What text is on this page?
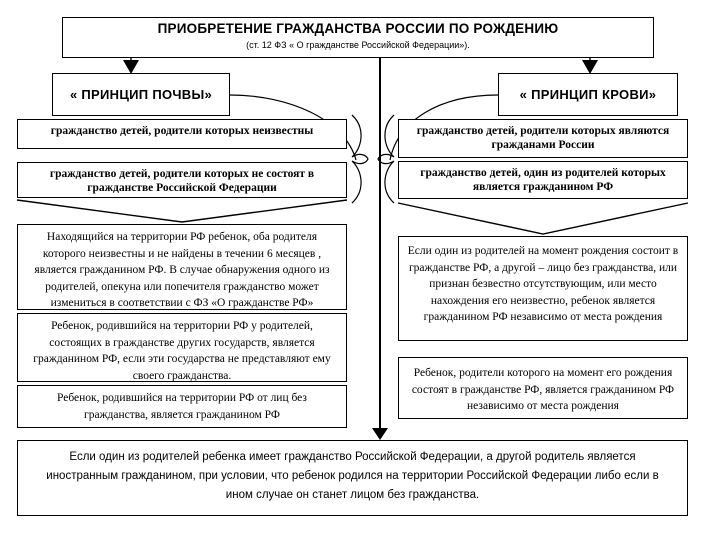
ПРИОБРЕТЕНИЕ ГРАЖДАНСТВА РОССИИ ПО РОЖДЕНИЮ
(ст. 12 ФЗ « О гражданстве Российской Федерации»).
« ПРИНЦИП ПОЧВЫ»	« ПРИНЦИП КРОВИ»
гражданство детей, родители которых неизвестны
гражданство детей, родители которых не состоят в гражданстве Российской Федерации
гражданство детей, родители которых являются гражданами России
гражданство детей, один из родителей которых является гражданином РФ
Находящийся на территории РФ ребенок, оба родителя которого неизвестны и не найдены в течении 6 месяцев , является гражданином РФ. В случае обнаружения одного из родителей, опекуна или попечителя гражданство может измениться в соответствии с ФЗ «О гражданстве РФ»
Ребенок, родившийся на территории РФ у родителей, состоящих в гражданстве других государств, является гражданином РФ, если эти государства не представляют ему своего гражданства.
Ребенок, родившийся на территории РФ от лиц без гражданства, является гражданином РФ
Если один из родителей на момент рождения состоит в гражданстве РФ, а другой – лицо без гражданства, или признан безвестно отсутствующим, или место нахождения его неизвестно, ребенок является гражданином РФ независимо от места рождения
Ребенок, родители которого на момент его рождения состоят в гражданстве РФ, является гражданином РФ независимо от места рождения
Если один из родителей ребенка имеет гражданство Российской Федерации, а другой родитель является иностранным гражданином, при условии, что ребенок родился на территории Российской Федерации либо если в ином случае он станет лицом без гражданства.
